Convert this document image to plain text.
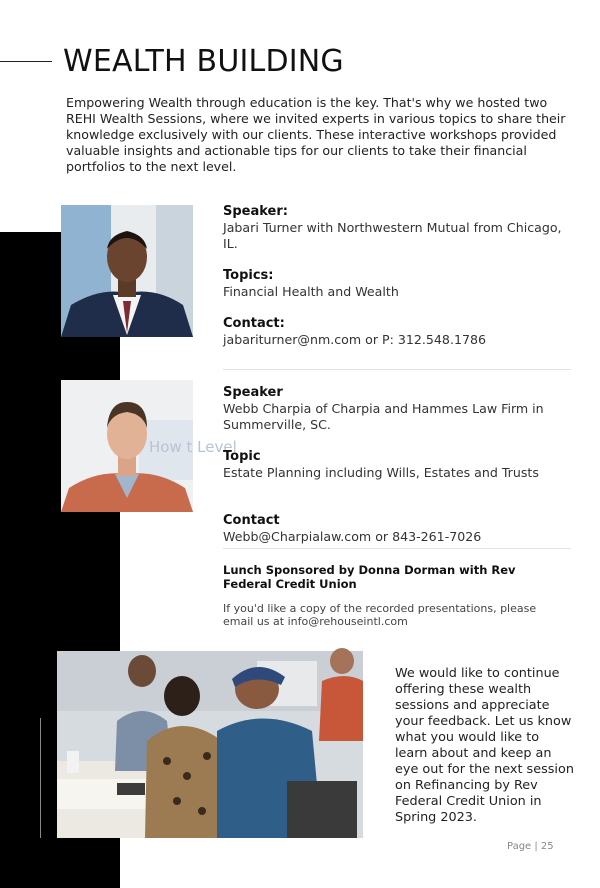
WEALTH BUILDING

Empowering Wealth through education is the key. That's why we hosted two REHI Wealth Sessions, where we invited experts in various topics to share their knowledge exclusively with our clients. These interactive workshops provided valuable insights and actionable tips for our clients to take their financial portfolios to the next level.

Speaker:

Jabari Turner with Northwestern Mutual from Chicago, IL.

Topics:

Financial Health and Wealth

Contact:

jabariturner@nm.com or P: 312.548.1786

How t Level

Speaker

Webb Charpia of Charpia and Hammes Law Firm in Summerville, SC.

Topic

Estate Planning including Wills, Estates and Trusts

Contact

Webb@Charpialaw.com or 843-261-7026

Lunch Sponsored by Donna Dorman with Rev Federal Credit Union

If you'd like a copy of the recorded presentations, please email us at info@rehouseintl.com

We would like to continue offering these wealth sessions and appreciate your feedback. Let us know what you would like to learn about and keep an eye out for the next session on Refinancing by Rev Federal Credit Union in Spring 2023.

Page | 25
